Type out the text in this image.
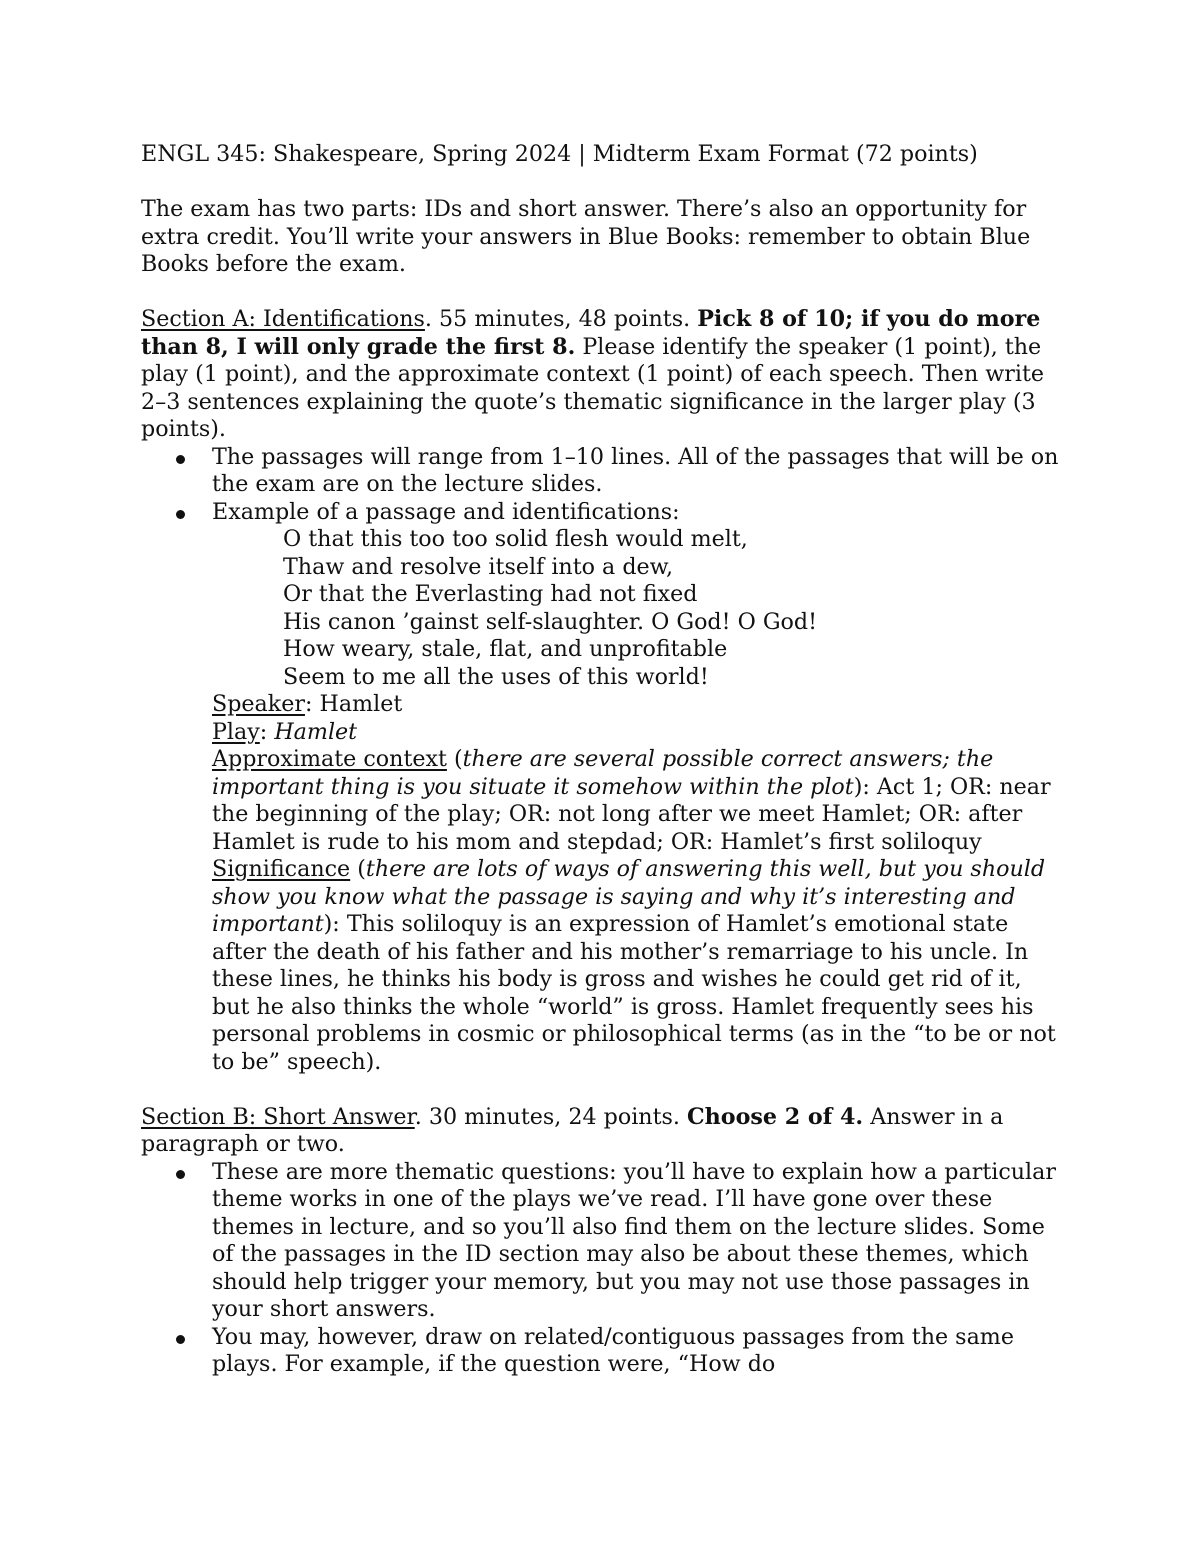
ENGL 345: Shakespeare, Spring 2024 | Midterm Exam Format (72 points)

The exam has two parts: IDs and short answer. There’s also an opportunity for extra credit. You’ll write your answers in Blue Books: remember to obtain Blue Books before the exam.

Section A: Identifications. 55 minutes, 48 points. Pick 8 of 10; if you do more than 8, I will only grade the first 8. Please identify the speaker (1 point), the play (1 point), and the approximate context (1 point) of each speech. Then write 2–3 sentences explaining the quote’s thematic significance in the larger play (3 points).

The passages will range from 1–10 lines. All of the passages that will be on the exam are on the lecture slides.
Example of a passage and identifications:
O that this too too solid flesh would melt,
Thaw and resolve itself into a dew,
Or that the Everlasting had not fixed
His canon ’gainst self-slaughter. O God! O God!
How weary, stale, flat, and unprofitable
Seem to me all the uses of this world!
Speaker: Hamlet
Play: Hamlet
Approximate context (there are several possible correct answers; the important thing is you situate it somehow within the plot): Act 1; OR: near the beginning of the play; OR: not long after we meet Hamlet; OR: after Hamlet is rude to his mom and stepdad; OR: Hamlet’s first soliloquy
Significance (there are lots of ways of answering this well, but you should show you know what the passage is saying and why it’s interesting and important): This soliloquy is an expression of Hamlet’s emotional state after the death of his father and his mother’s remarriage to his uncle. In these lines, he thinks his body is gross and wishes he could get rid of it, but he also thinks the whole “world” is gross. Hamlet frequently sees his personal problems in cosmic or philosophical terms (as in the “to be or not to be” speech).

Section B: Short Answer. 30 minutes, 24 points. Choose 2 of 4. Answer in a paragraph or two.

These are more thematic questions: you’ll have to explain how a particular theme works in one of the plays we’ve read. I’ll have gone over these themes in lecture, and so you’ll also find them on the lecture slides. Some of the passages in the ID section may also be about these themes, which should help trigger your memory, but you may not use those passages in your short answers.
You may, however, draw on related/contiguous passages from the same plays. For example, if the question were, “How do
